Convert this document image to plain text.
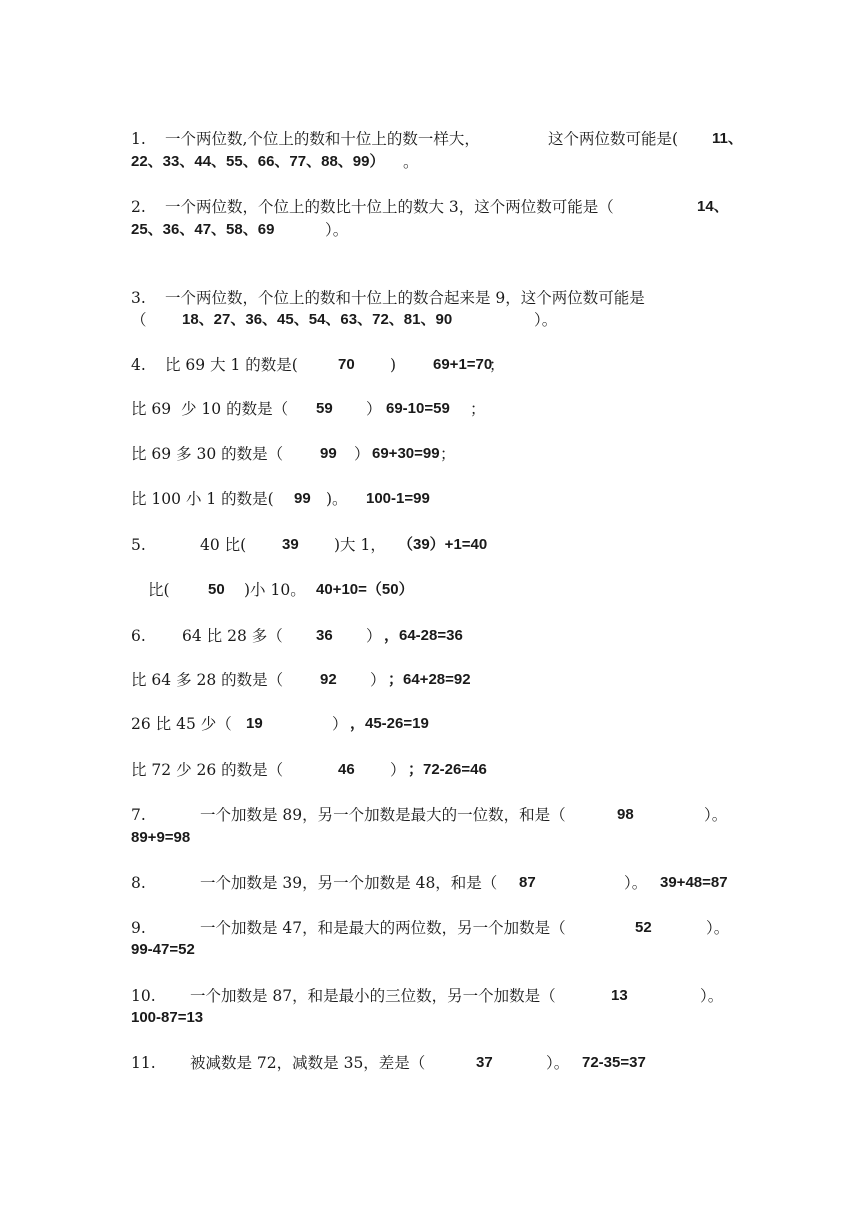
1. 一个两位数,个位上的数和十位上的数一样大，	这个两位数可能是( 11、
22、33、44、55、66、77、88、99） 。
2. 一个两位数，个位上的数比十位上的数大 3，这个两位数可能是（	14、
25、36、47、58、69	）。
3. 一个两位数，个位上的数和十位上的数合起来是 9，这个两位数可能是
（ 18、27、36、45、54、63、72、81、90	）。
4. 比 69 大 1 的数是(	70 ) 69+1=70
；
比 69  少 10 的数是（ 59 ） 69-10=59 ；
比 69 多 30 的数是（ 99 ） 69+30=99 ；
比 100 小 1 的数是( 99 )。 100-1=99
5.	40 比( 39 )大 1， （39）+1=40
比(	50 )小 10。 40+10=（50）
6. 64 比 28 多（ 36 ） ，64-28=36
比 64 多 28 的数是（ 92 ） ；64+28=92
26 比 45 少（ 19	） ，45-26=19
比 72 少 26 的数是（	46 ） ；72-26=46
7.	一个加数是 89，另一个加数是最大的一位数，和是（	98	）。
89+9=98
8.	一个加数是 39，另一个加数是 48，和是（ 87	）。 39+48=87
9.	一个加数是 47，和是最大的两位数，另一个加数是（	52	）。
99-47=52
10. 一个加数是 87，和是最小的三位数，另一个加数是（	13	）。
100-87=13
11. 被减数是 72，减数是 35，差是（	37	）。 72-35=37
